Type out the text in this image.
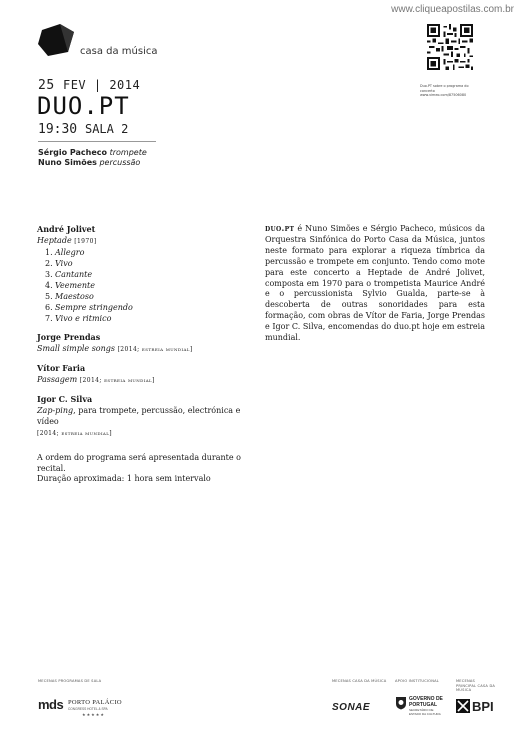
www.cliqueapostilas.com.br
casa da música
Duo.PT sobre o programa do concerto
www.vimeo.com/87506080
25 FEV | 2014
DUO.PT
19:30 SALA 2
Sérgio Pacheco trompete
Nuno Simões percussão
André Jolivet
Heptade [1970]
1. Allegro
2. Vivo
3. Cantante
4. Veemente
5. Maestoso
6. Sempre stringendo
7. Vivo e ritmico
Jorge Prendas
Small simple songs [2014; estreia mundial]
Vítor Faria
Passagem [2014; estreia mundial]
Igor C. Silva
Zap-ping, para trompete, percussão, electrónica e vídeo
[2014; estreia mundial]
A ordem do programa será apresentada durante o recital.
Duração aproximada: 1 hora sem intervalo
duo.pt é Nuno Simões e Sérgio Pacheco, músicos da Orquestra Sinfónica do Porto Casa da Música, juntos neste formato para explorar a riqueza tímbrica da percussão e trompete em conjunto. Tendo como mote para este concerto a Heptade de André Jolivet, composta em 1970 para o trompetista Maurice André e o percussionista Sylvio Gualda, parte-se à descoberta de outras sonoridades para esta formação, com obras de Vítor de Faria, Jorge Prendas e Igor C. Silva, encomendas do duo.pt hoje em estreia mundial.
MECENAS PROGRAMAS DE SALA	MECENAS CASA DA MÚSICA	APOIO INSTITUCIONAL	MECENAS PRINCIPAL CASA DA MÚSICA
mds PORTO PALÁCIO
CONGRESS HOTEL & SPA
★★★★★
SONAE
GOVERNO DE PORTUGAL
SECRETÁRIO DE ESTADO DA CULTURA BPI
